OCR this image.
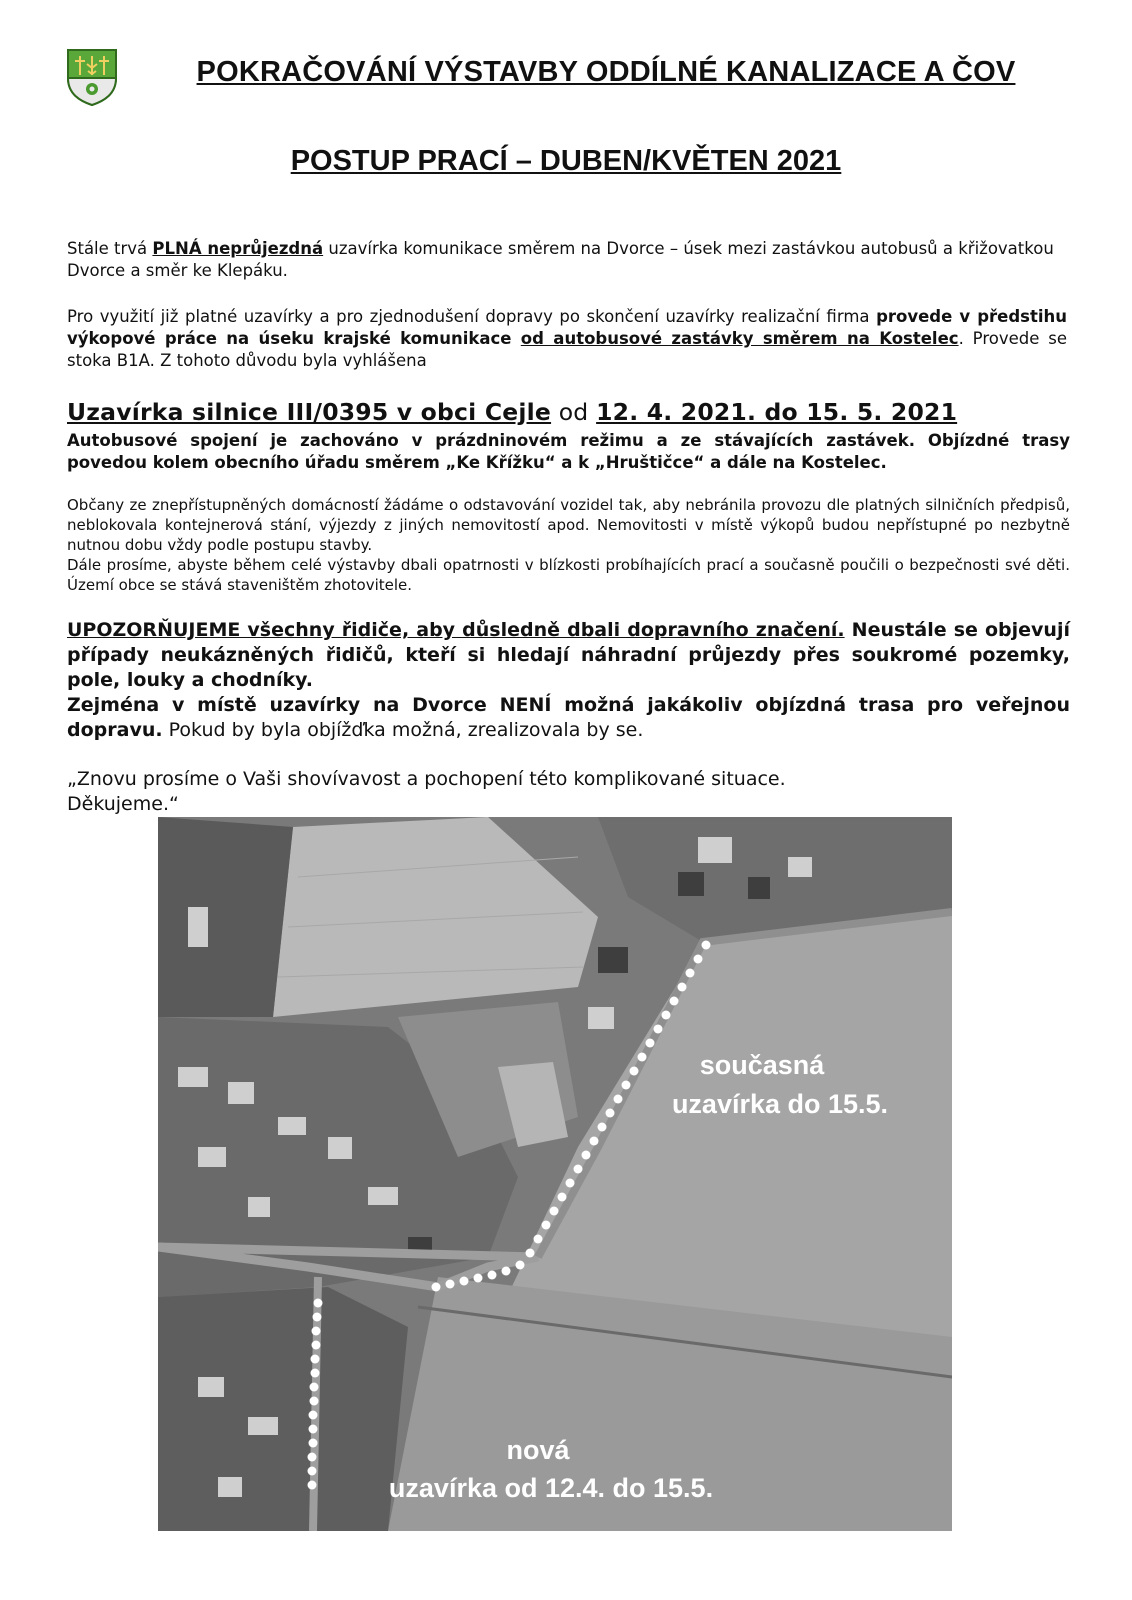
POKRAČOVÁNÍ VÝSTAVBY ODDÍLNÉ KANALIZACE A ČOV
POSTUP PRACÍ – DUBEN/KVĚTEN 2021
Stále trvá PLNÁ neprůjezdná uzavírka komunikace směrem na Dvorce – úsek mezi zastávkou autobusů a křižovatkou Dvorce a směr ke Klepáku.
Pro využití již platné uzavírky a pro zjednodušení dopravy po skončení uzavírky realizační firma provede v předstihu výkopové práce na úseku krajské komunikace od autobusové zastávky směrem na Kostelec. Provede se stoka B1A. Z tohoto důvodu byla vyhlášena
Uzavírka silnice III/0395 v obci Cejle od 12. 4. 2021. do 15. 5. 2021
Autobusové spojení je zachováno v prázdninovém režimu a ze stávajících zastávek. Objízdné trasy povedou kolem obecního úřadu směrem „Ke Křížku“ a k „Hruštičce“ a dále na Kostelec.
Občany ze znepřístupněných domácností žádáme o odstavování vozidel tak, aby nebránila provozu dle platných silničních předpisů, neblokovala kontejnerová stání, výjezdy z jiných nemovitostí apod. Nemovitosti v místě výkopů budou nepřístupné po nezbytně nutnou dobu vždy podle postupu stavby.
Dále prosíme, abyste během celé výstavby dbali opatrnosti v blízkosti probíhajících prací a současně poučili o bezpečnosti své děti. Území obce se stává staveništěm zhotovitele.
UPOZORŇUJEME všechny řidiče, aby důsledně dbali dopravního značení. Neustále se objevují případy neukázněných řidičů, kteří si hledají náhradní průjezdy přes soukromé pozemky, pole, louky a chodníky.
Zejména v místě uzavírky na Dvorce NENÍ možná jakákoliv objízdná trasa pro veřejnou dopravu. Pokud by byla objížďka možná, zrealizovala by se.
„Znovu prosíme o Vaši shovívavost a pochopení této komplikované situace.
Děkujeme.“
současná
uzavírka do 15.5.
nová
uzavírka od 12.4. do 15.5.
